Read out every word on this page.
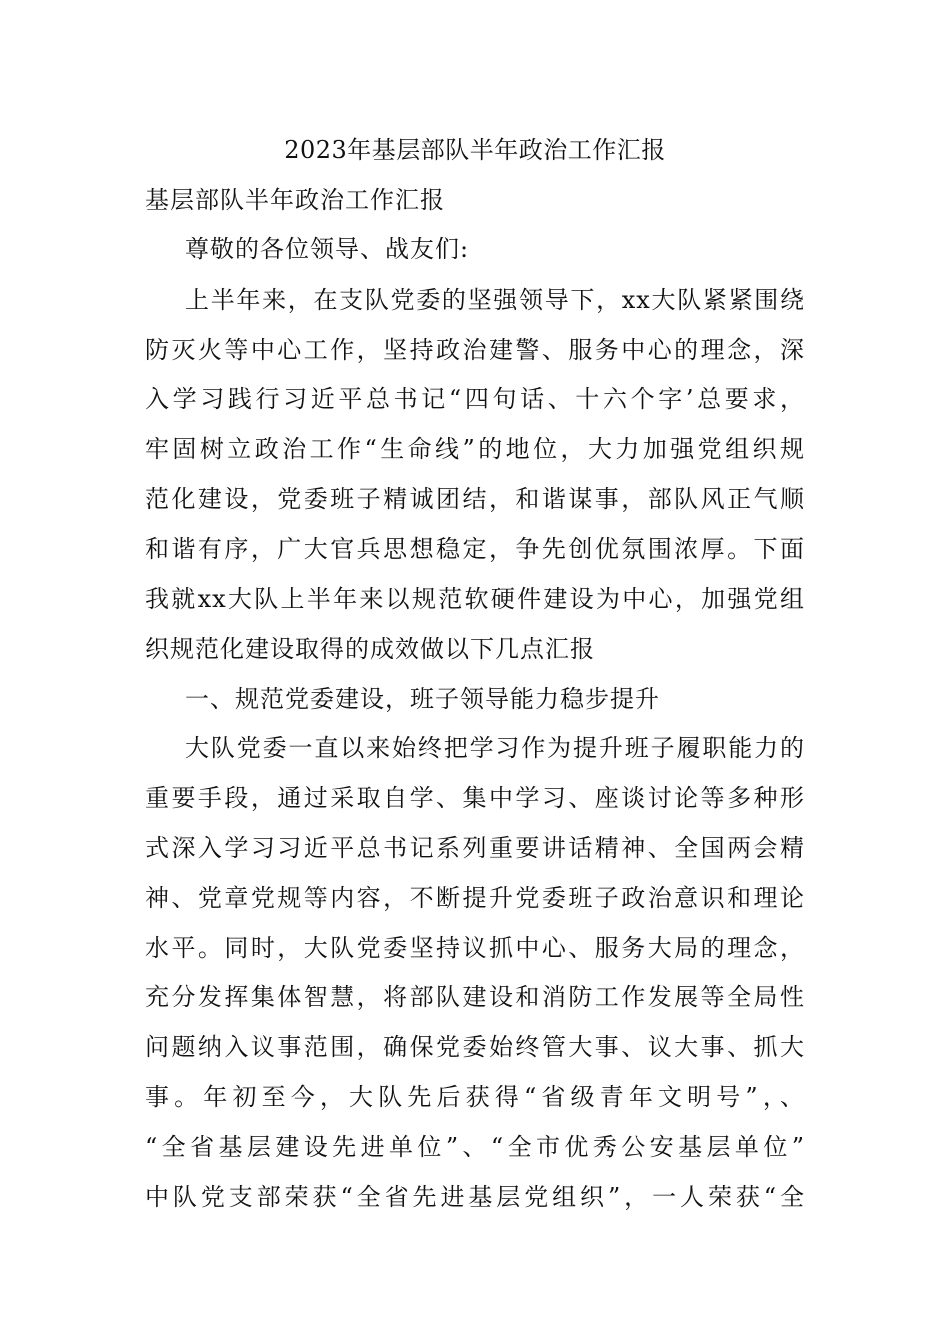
2023年基层部队半年政治工作汇报
基层部队半年政治工作汇报
尊敬的各位领导、战友们:
上半年来，在支队党委的坚强领导下，xx大队紧紧围绕
防灭火等中心工作，坚持政治建警、服务中心的理念，深
入学习践行习近平总书记“四句话、十六个字’总要求，
牢固树立政治工作“生命线”的地位，大力加强党组织规
范化建设，党委班子精诚团结，和谐谋事，部队风正气顺
和谐有序，广大官兵思想稳定，争先创优氛围浓厚。下面
我就xx大队上半年来以规范软硬件建设为中心，加强党组
织规范化建设取得的成效做以下几点汇报
一、规范党委建设，班子领导能力稳步提升
大队党委一直以来始终把学习作为提升班子履职能力的
重要手段，通过采取自学、集中学习、座谈讨论等多种形
式深入学习习近平总书记系列重要讲话精神、全国两会精
神、党章党规等内容，不断提升党委班子政治意识和理论
水平。同时，大队党委坚持议抓中心、服务大局的理念，
充分发挥集体智慧，将部队建设和消防工作发展等全局性
问题纳入议事范围，确保党委始终管大事、议大事、抓大
事。年初至今，大队先后获得“省级青年文明号”，、
“全省基层建设先进单位”、“全市优秀公安基层单位”
中队党支部荣获“全省先进基层党组织”，一人荣获“全
